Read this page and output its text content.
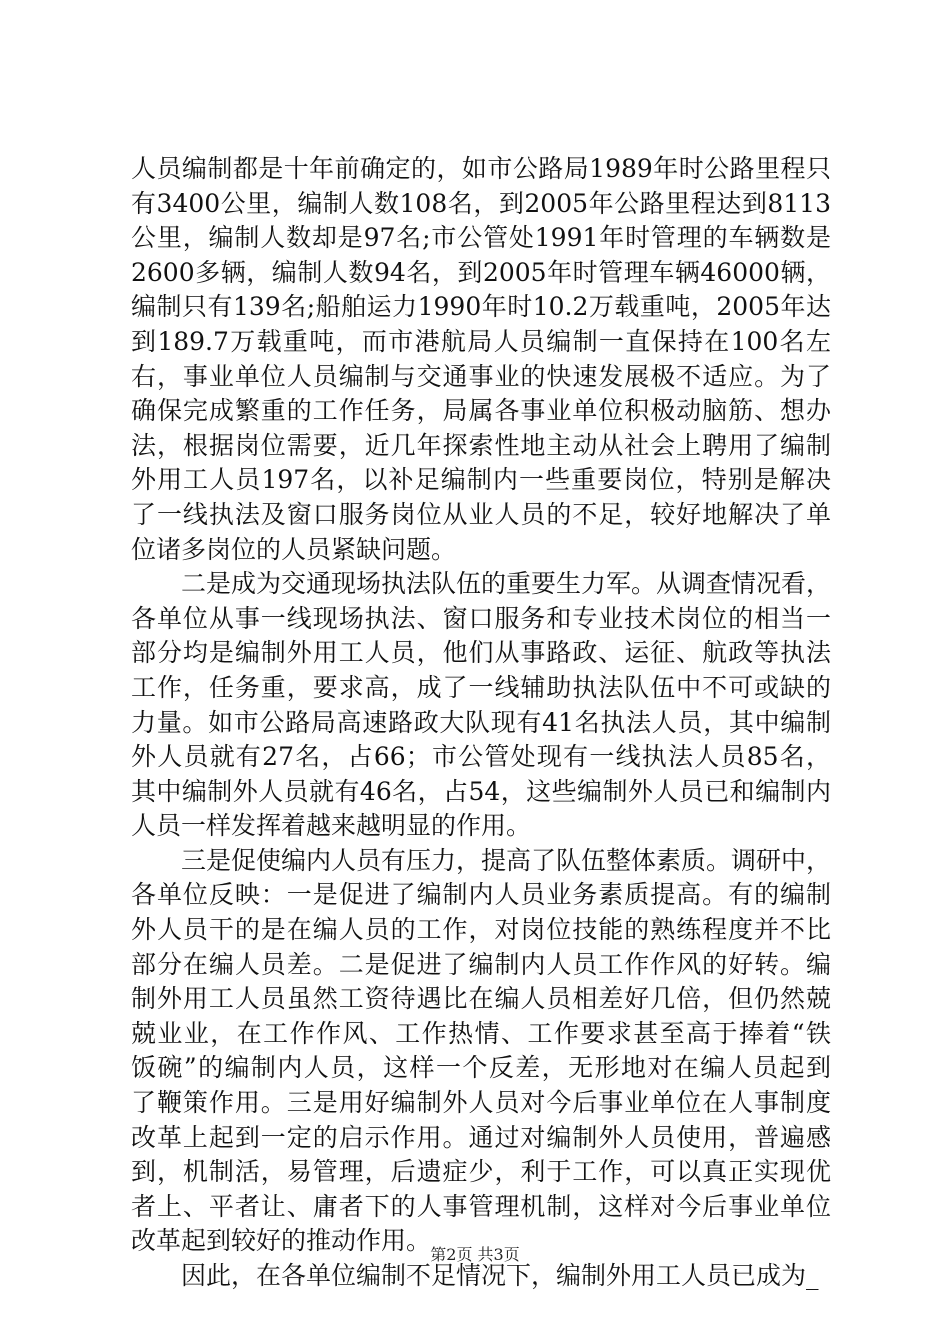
人员编制都是十年前确定的，如市公路局1989年时公路里程只
有3400公里，编制人数108名，到2005年公路里程达到8113
公里，编制人数却是97名;市公管处1991年时管理的车辆数是
2600多辆，编制人数94名，到2005年时管理车辆46000辆，
编制只有139名;船舶运力1990年时10.2万载重吨，2005年达
到189.7万载重吨，而市港航局人员编制一直保持在100名左
右，事业单位人员编制与交通事业的快速发展极不适应。为了
确保完成繁重的工作任务，局属各事业单位积极动脑筋、想办
法，根据岗位需要，近几年探索性地主动从社会上聘用了编制
外用工人员197名，以补足编制内一些重要岗位，特别是解决
了一线执法及窗口服务岗位从业人员的不足，较好地解决了单
位诸多岗位的人员紧缺问题。
　　二是成为交通现场执法队伍的重要生力军。从调查情况看，
各单位从事一线现场执法、窗口服务和专业技术岗位的相当一
部分均是编制外用工人员，他们从事路政、运征、航政等执法
工作，任务重，要求高，成了一线辅助执法队伍中不可或缺的
力量。如市公路局高速路政大队现有41名执法人员，其中编制
外人员就有27名，占66；市公管处现有一线执法人员85名，
其中编制外人员就有46名，占54，这些编制外人员已和编制内
人员一样发挥着越来越明显的作用。
　　三是促使编内人员有压力，提高了队伍整体素质。调研中，
各单位反映：一是促进了编制内人员业务素质提高。有的编制
外人员干的是在编人员的工作，对岗位技能的熟练程度并不比
部分在编人员差。二是促进了编制内人员工作作风的好转。编
制外用工人员虽然工资待遇比在编人员相差好几倍，但仍然兢
兢业业，在工作作风、工作热情、工作要求甚至高于捧着“铁
饭碗”的编制内人员，这样一个反差，无形地对在编人员起到
了鞭策作用。三是用好编制外人员对今后事业单位在人事制度
改革上起到一定的启示作用。通过对编制外人员使用，普遍感
到，机制活，易管理，后遗症少，利于工作，可以真正实现优
者上、平者让、庸者下的人事管理机制，这样对今后事业单位
改革起到较好的推动作用。
　　因此，在各单位编制不足情况下，编制外用工人员已成为_
第2页 共3页
